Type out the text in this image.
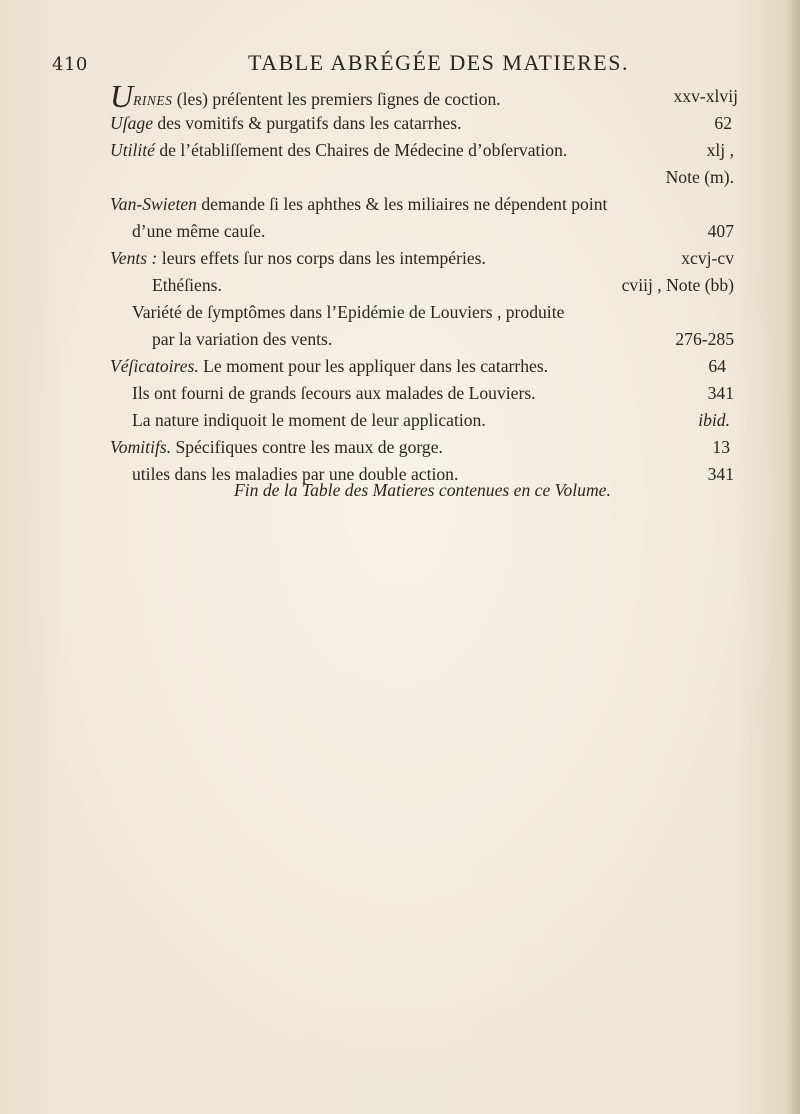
410	TABLE ABRÉGÉE DES MATIERES.
URINES (les) préſentent les premiers ſignes de coction.	xxv-xlvij
Uſage des vomitifs & purgatifs dans les catarrhes.	62
Utilité de l’établiſſement des Chaires de Médecine d’obſervation.	xlj ,
Note (m).
Van-Swieten demande ſi les aphthes & les miliaires ne dépendent point
d’une même cauſe.	407
Vents : leurs effets ſur nos corps dans les intempéries.	xcvj-cv
Ethéſiens.	cviij , Note (bb)
Variété de ſymptômes dans l’Epidémie de Louviers , produite
par la variation des vents.	276-285
Véſicatoires. Le moment pour les appliquer dans les catarrhes.	64
Ils ont fourni de grands ſecours aux malades de Louviers.	341
La nature indiquoit le moment de leur application.	ibid.
Vomitifs. Spécifiques contre les maux de gorge.	13
utiles dans les maladies par une double action.	341
Fin de la Table des Matieres contenues en ce Volume.
